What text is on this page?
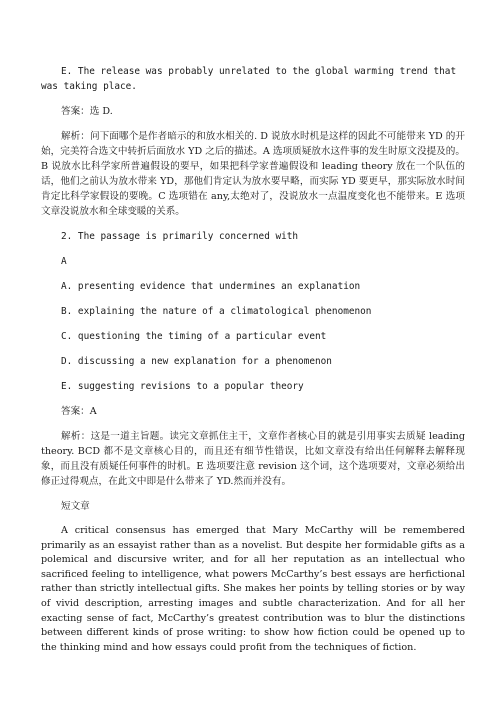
E. The release was probably unrelated to the global warming trend that was taking place.

答案：选 D.

解析：问下面哪个是作者暗示的和放水相关的. D 说放水时机是这样的因此不可能带来 YD 的开始，完美符合选文中转折后面放水 YD 之后的描述。A 选项质疑放水这件事的发生时原文没提及的。B 说放水比科学家所普遍假设的要早，如果把科学家普遍假设和 leading theory 放在一个队伍的话，他们之前认为放水带来 YD，那他们肯定认为放水要早略，而实际 YD 要更早，那实际放水时间肯定比科学家假设的要晚。C 选项错在 any,太绝对了，没说放水一点温度变化也不能带来。E 选项文章没说放水和全球变暖的关系。

2. The passage is primarily concerned with

A

A. presenting evidence that undermines an explanation

B. explaining the nature of a climatological phenomenon

C. questioning the timing of a particular event

D. discussing a new explanation for a phenomenon

E. suggesting revisions to a popular theory

答案：A

解析：这是一道主旨题。读完文章抓住主干，文章作者核心目的就是引用事实去质疑 leading theory. BCD 都不是文章核心目的，而且还有细节性错误，比如文章没有给出任何解释去解释现象，而且没有质疑任何事件的时机。E 选项要注意 revision 这个词，这个选项要对，文章必须给出修正过得观点，在此文中即是什么带来了 YD.然而并没有。

短文章

A critical consensus has emerged that Mary McCarthy will be remembered primarily as an essayist rather than as a novelist. But despite her formidable gifts as a polemical and discursive writer, and for all her reputation as an intellectual who sacrificed feeling to intelligence, what powers McCarthy’s best essays are herfictional rather than strictly intellectual gifts. She makes her points by telling stories or by way of vivid description, arresting images and subtle characterization. And for all her exacting sense of fact, McCarthy’s greatest contribution was to blur the distinctions between different kinds of prose writing: to show how fiction could be opened up to the thinking mind and how essays could profit from the techniques of fiction.
